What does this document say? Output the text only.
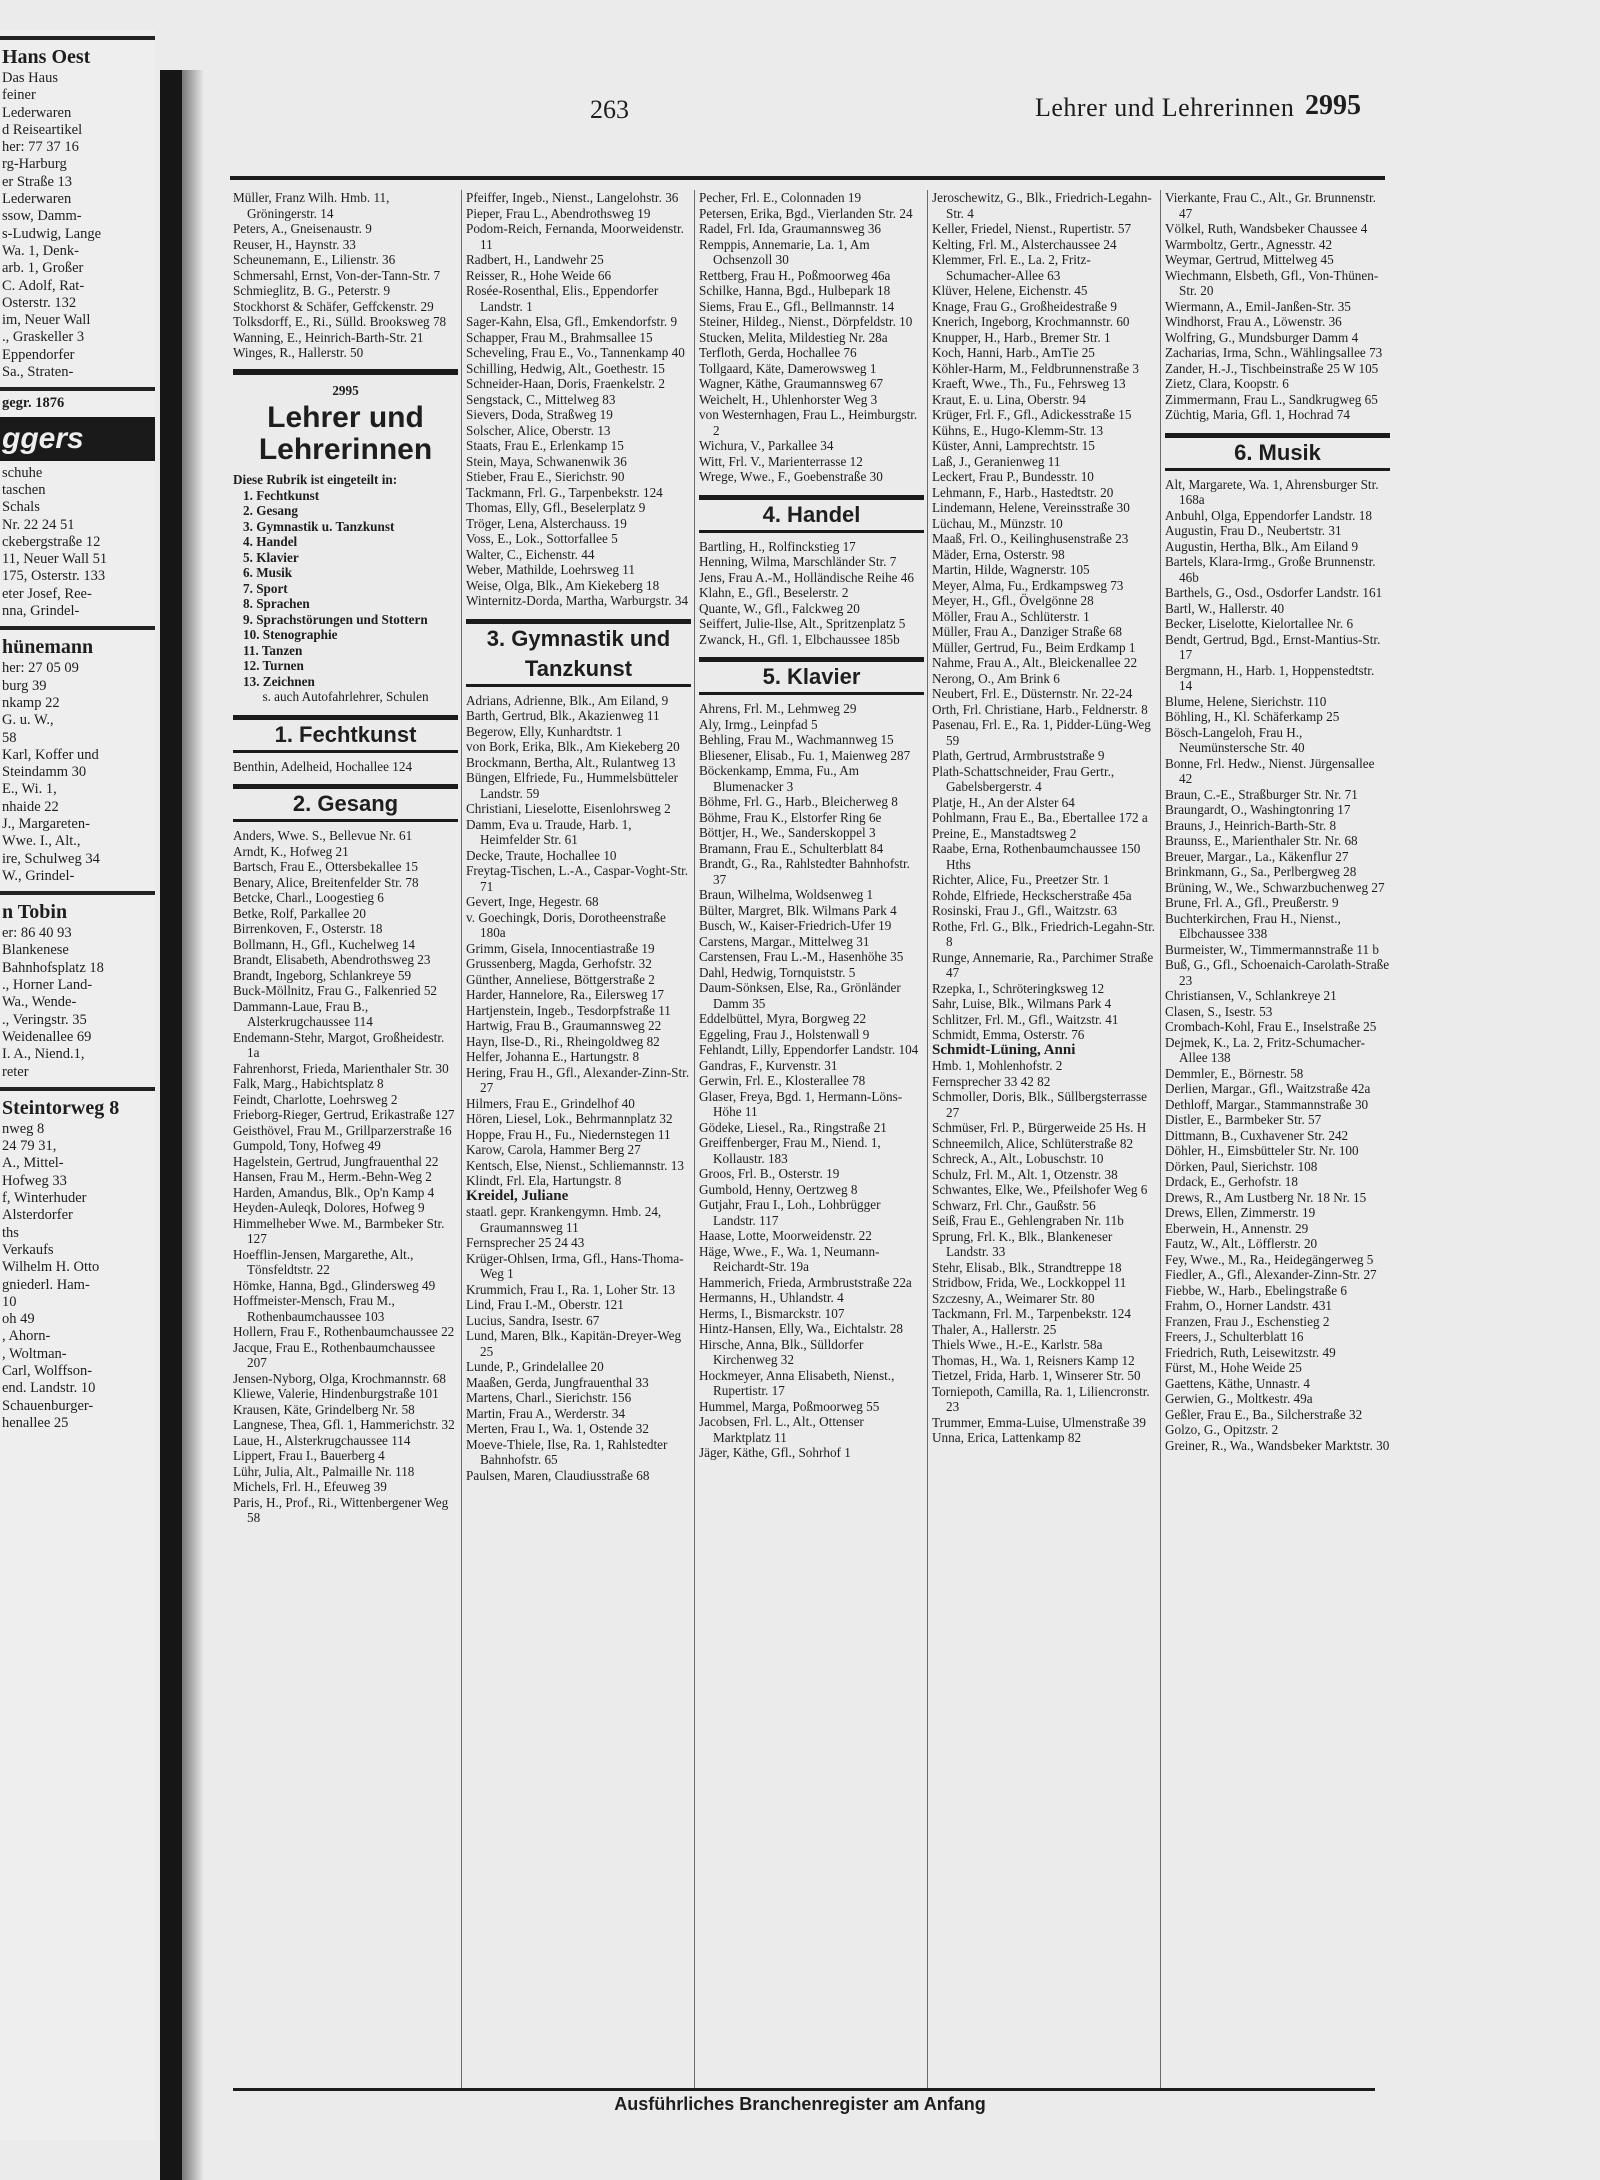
Hans Oest
Das Haus
feiner
Lederwaren
d Reiseartikel
her: 77 37 16
rg-Harburg
er Straße 13
Lederwaren
ssow, Damm-
s-Ludwig, Lange
Wa. 1, Denk-
arb. 1, Großer
C. Adolf, Rat-
Osterstr. 132
im, Neuer Wall
., Graskeller 3
Eppendorfer
Sa., Straten-
gegr. 1876
ggers
schuhe
taschen
Schals
Nr. 22 24 51
ckebergstraße 12
11, Neuer Wall 51
175, Osterstr. 133
eter Josef, Ree-
nna, Grindel-
hünemann
her: 27 05 09
burg 39
nkamp 22
G. u. W.,
58
Karl, Koffer und
Steindamm 30
E., Wi. 1,
nhaide 22
J., Margareten-
Wwe. I., Alt.,
ire, Schulweg 34
W., Grindel-
n Tobin
er: 86 40 93
Blankenese
Bahnhofsplatz 18
., Horner Land-
Wa., Wende-
., Veringstr. 35
Weidenallee 69
I. A., Niend.1,
reter
Steintorweg 8
nweg 8
24 79 31,
A., Mittel-
Hofweg 33
f, Winterhuder
Alsterdorfer
ths
Verkaufs
Wilhelm H. Otto
gniederl. Ham-
10
oh 49
, Ahorn-
, Woltman-
Carl, Wolffson-
end. Landstr. 10
Schauenburger-
henallee 25
263	Lehrer und Lehrerinnen 2995

Müller, Franz Wilh. Hmb. 11, Gröningerstr. 14

Peters, A., Gneisenaustr. 9

Reuser, H., Haynstr. 33

Scheunemann, E., Lilienstr. 36

Schmersahl, Ernst, Von-der-Tann-Str. 7

Schmieglitz, B. G., Peterstr. 9

Stockhorst & Schäfer, Geffckenstr. 29

Tolksdorff, E., Ri., Sülld. Brooksweg 78

Wanning, E., Heinrich-Barth-Str. 21

Winges, R., Hallerstr. 50

2995
Lehrer und Lehrerinnen
Diese Rubrik ist eingeteilt in:
1. Fechtkunst
2. Gesang
3. Gymnastik u. Tanzkunst
4. Handel
5. Klavier
6. Musik
7. Sport
8. Sprachen
9. Sprachstörungen und Stottern
10. Stenographie
11. Tanzen
12. Turnen
13. Zeichnen
s. auch Autofahrlehrer, Schulen
1. Fechtkunst

Benthin, Adelheid, Hochallee 124

2. Gesang

Anders, Wwe. S., Bellevue Nr. 61

Arndt, K., Hofweg 21

Bartsch, Frau E., Ottersbekallee 15

Benary, Alice, Breitenfelder Str. 78

Betcke, Charl., Loogestieg 6

Betke, Rolf, Parkallee 20

Birrenkoven, F., Osterstr. 18

Bollmann, H., Gfl., Kuchelweg 14

Brandt, Elisabeth, Abendrothsweg 23

Brandt, Ingeborg, Schlankreye 59

Buck-Möllnitz, Frau G., Falkenried 52

Dammann-Laue, Frau B., Alsterkrugchaussee 114

Endemann-Stehr, Margot, Großheidestr. 1a

Fahrenhorst, Frieda, Marienthaler Str. 30

Falk, Marg., Habichtsplatz 8

Feindt, Charlotte, Loehrsweg 2

Frieborg-Rieger, Gertrud, Erikastraße 127

Geisthövel, Frau M., Grillparzerstraße 16

Gumpold, Tony, Hofweg 49

Hagelstein, Gertrud, Jungfrauenthal 22

Hansen, Frau M., Herm.-Behn-Weg 2

Harden, Amandus, Blk., Op'n Kamp 4

Heyden-Auleqk, Dolores, Hofweg 9

Himmelheber Wwe. M., Barmbeker Str. 127

Hoefflin-Jensen, Margarethe, Alt., Tönsfeldtstr. 22

Hömke, Hanna, Bgd., Glindersweg 49

Hoffmeister-Mensch, Frau M., Rothenbaumchaussee 103

Hollern, Frau F., Rothenbaumchaussee 22

Jacque, Frau E., Rothenbaumchaussee 207

Jensen-Nyborg, Olga, Krochmannstr. 68

Kliewe, Valerie, Hindenburgstraße 101

Krausen, Käte, Grindelberg Nr. 58

Langnese, Thea, Gfl. 1, Hammerichstr. 32

Laue, H., Alsterkrugchaussee 114

Lippert, Frau I., Bauerberg 4

Lühr, Julia, Alt., Palmaille Nr. 118

Michels, Frl. H., Efeuweg 39

Paris, H., Prof., Ri., Wittenbergener Weg 58

Pfeiffer, Ingeb., Nienst., Langelohstr. 36

Pieper, Frau L., Abendrothsweg 19

Podom-Reich, Fernanda, Moorweidenstr. 11

Radbert, H., Landwehr 25

Reisser, R., Hohe Weide 66

Rosée-Rosenthal, Elis., Eppendorfer Landstr. 1

Sager-Kahn, Elsa, Gfl., Emkendorfstr. 9

Schapper, Frau M., Brahmsallee 15

Scheveling, Frau E., Vo., Tannenkamp 40

Schilling, Hedwig, Alt., Goethestr. 15

Schneider-Haan, Doris, Fraenkelstr. 2

Sengstack, C., Mittelweg 83

Sievers, Doda, Straßweg 19

Solscher, Alice, Oberstr. 13

Staats, Frau E., Erlenkamp 15

Stein, Maya, Schwanenwik 36

Stieber, Frau E., Sierichstr. 90

Tackmann, Frl. G., Tarpenbekstr. 124

Thomas, Elly, Gfl., Beselerplatz 9

Tröger, Lena, Alsterchauss. 19

Voss, E., Lok., Sottorfallee 5

Walter, C., Eichenstr. 44

Weber, Mathilde, Loehrsweg 11

Weise, Olga, Blk., Am Kiekeberg 18

Winternitz-Dorda, Martha, Warburgstr. 34

3. Gymnastik und Tanzkunst

Adrians, Adrienne, Blk., Am Eiland, 9

Barth, Gertrud, Blk., Akazienweg 11

Begerow, Elly, Kunhardtstr. 1

von Bork, Erika, Blk., Am Kiekeberg 20

Brockmann, Bertha, Alt., Rulantweg 13

Büngen, Elfriede, Fu., Hummelsbütteler Landstr. 59

Christiani, Lieselotte, Eisenlohrsweg 2

Damm, Eva u. Traude, Harb. 1, Heimfelder Str. 61

Decke, Traute, Hochallee 10

Freytag-Tischen, L.-A., Caspar-Voght-Str. 71

Gevert, Inge, Hegestr. 68

v. Goechingk, Doris, Dorotheenstraße 180a

Grimm, Gisela, Innocentiastraße 19

Grussenberg, Magda, Gerhofstr. 32

Günther, Anneliese, Böttgerstraße 2

Harder, Hannelore, Ra., Eilersweg 17

Hartjenstein, Ingeb., Tesdorpfstraße 11

Hartwig, Frau B., Graumannsweg 22

Hayn, Ilse-D., Ri., Rheingoldweg 82

Helfer, Johanna E., Hartungstr. 8

Hering, Frau H., Gfl., Alexander-Zinn-Str. 27

Hilmers, Frau E., Grindelhof 40

Hören, Liesel, Lok., Behrmannplatz 32

Hoppe, Frau H., Fu., Niedernstegen 11

Karow, Carola, Hammer Berg 27

Kentsch, Else, Nienst., Schliemannstr. 13

Klindt, Frl. Ela, Hartungstr. 8

Kreidel, Juliane

staatl. gepr. Krankengymn. Hmb. 24, Graumannsweg 11

Fernsprecher 25 24 43

Krüger-Ohlsen, Irma, Gfl., Hans-Thoma-Weg 1

Krummich, Frau I., Ra. 1, Loher Str. 13

Lind, Frau I.-M., Oberstr. 121

Lucius, Sandra, Isestr. 67

Lund, Maren, Blk., Kapitän-Dreyer-Weg 25

Lunde, P., Grindelallee 20

Maaßen, Gerda, Jungfrauenthal 33

Martens, Charl., Sierichstr. 156

Martin, Frau A., Werderstr. 34

Merten, Frau I., Wa. 1, Ostende 32

Moeve-Thiele, Ilse, Ra. 1, Rahlstedter Bahnhofstr. 65

Paulsen, Maren, Claudiusstraße 68

Pecher, Frl. E., Colonnaden 19

Petersen, Erika, Bgd., Vierlanden Str. 24

Radel, Frl. Ida, Graumannsweg 36

Remppis, Annemarie, La. 1, Am Ochsenzoll 30

Rettberg, Frau H., Poßmoorweg 46a

Schilke, Hanna, Bgd., Hulbepark 18

Siems, Frau E., Gfl., Bellmannstr. 14

Steiner, Hildeg., Nienst., Dörpfeldstr. 10

Stucken, Melita, Mildestieg Nr. 28a

Terfloth, Gerda, Hochallee 76

Tollgaard, Käte, Damerowsweg 1

Wagner, Käthe, Graumannsweg 67

Weichelt, H., Uhlenhorster Weg 3

von Westernhagen, Frau L., Heimburgstr. 2

Wichura, V., Parkallee 34

Witt, Frl. V., Marienterrasse 12

Wrege, Wwe., F., Goebenstraße 30

4. Handel

Bartling, H., Rolfinckstieg 17

Henning, Wilma, Marschländer Str. 7

Jens, Frau A.-M., Holländische Reihe 46

Klahn, E., Gfl., Beselerstr. 2

Quante, W., Gfl., Falckweg 20

Seiffert, Julie-Ilse, Alt., Spritzenplatz 5

Zwanck, H., Gfl. 1, Elbchaussee 185b

5. Klavier

Ahrens, Frl. M., Lehmweg 29

Aly, Irmg., Leinpfad 5

Behling, Frau M., Wachmannweg 15

Bliesener, Elisab., Fu. 1, Maienweg 287

Böckenkamp, Emma, Fu., Am Blumenacker 3

Böhme, Frl. G., Harb., Bleicherweg 8

Böhme, Frau K., Elstorfer Ring 6e

Böttjer, H., We., Sanderskoppel 3

Bramann, Frau E., Schulterblatt 84

Brandt, G., Ra., Rahlstedter Bahnhofstr. 37

Braun, Wilhelma, Woldsenweg 1

Bülter, Margret, Blk. Wilmans Park 4

Busch, W., Kaiser-Friedrich-Ufer 19

Carstens, Margar., Mittelweg 31

Carstensen, Frau L.-M., Hasenhöhe 35

Dahl, Hedwig, Tornquiststr. 5

Daum-Sönksen, Else, Ra., Grönländer Damm 35

Eddelbüttel, Myra, Borgweg 22

Eggeling, Frau J., Holstenwall 9

Fehlandt, Lilly, Eppendorfer Landstr. 104

Gandras, F., Kurvenstr. 31

Gerwin, Frl. E., Klosterallee 78

Glaser, Freya, Bgd. 1, Hermann-Löns-Höhe 11

Gödeke, Liesel., Ra., Ringstraße 21

Greiffenberger, Frau M., Niend. 1, Kollaustr. 183

Groos, Frl. B., Osterstr. 19

Gumbold, Henny, Oertzweg 8

Gutjahr, Frau I., Loh., Lohbrügger Landstr. 117

Haase, Lotte, Moorweidenstr. 22

Häge, Wwe., F., Wa. 1, Neumann-Reichardt-Str. 19a

Hammerich, Frieda, Armbruststraße 22a

Hermanns, H., Uhlandstr. 4

Herms, I., Bismarckstr. 107

Hintz-Hansen, Elly, Wa., Eichtalstr. 28

Hirsche, Anna, Blk., Sülldorfer Kirchenweg 32

Hockmeyer, Anna Elisabeth, Nienst., Rupertistr. 17

Hummel, Marga, Poßmoorweg 55

Jacobsen, Frl. L., Alt., Ottenser Marktplatz 11

Jäger, Käthe, Gfl., Sohrhof 1

Jeroschewitz, G., Blk., Friedrich-Legahn-Str. 4

Keller, Friedel, Nienst., Rupertistr. 57

Kelting, Frl. M., Alsterchaussee 24

Klemmer, Frl. E., La. 2, Fritz-Schumacher-Allee 63

Klüver, Helene, Eichenstr. 45

Knage, Frau G., Großheidestraße 9

Knerich, Ingeborg, Krochmannstr. 60

Knupper, H., Harb., Bremer Str. 1

Koch, Hanni, Harb., AmTie 25

Köhler-Harm, M., Feldbrunnenstraße 3

Kraeft, Wwe., Th., Fu., Fehrsweg 13

Kraut, E. u. Lina, Oberstr. 94

Krüger, Frl. F., Gfl., Adickesstraße 15

Kühns, E., Hugo-Klemm-Str. 13

Küster, Anni, Lamprechtstr. 15

Laß, J., Geranienweg 11

Leckert, Frau P., Bundesstr. 10

Lehmann, F., Harb., Hastedtstr. 20

Lindemann, Helene, Vereinsstraße 30

Lüchau, M., Münzstr. 10

Maaß, Frl. O., Keilinghusenstraße 23

Mäder, Erna, Osterstr. 98

Martin, Hilde, Wagnerstr. 105

Meyer, Alma, Fu., Erdkampsweg 73

Meyer, H., Gfl., Övelgönne 28

Möller, Frau A., Schlüterstr. 1

Müller, Frau A., Danziger Straße 68

Müller, Gertrud, Fu., Beim Erdkamp 1

Nahme, Frau A., Alt., Bleickenallee 22

Nerong, O., Am Brink 6

Neubert, Frl. E., Düsternstr. Nr. 22-24

Orth, Frl. Christiane, Harb., Feldnerstr. 8

Pasenau, Frl. E., Ra. 1, Pidder-Lüng-Weg 59

Plath, Gertrud, Armbruststraße 9

Plath-Schattschneider, Frau Gertr., Gabelsbergerstr. 4

Platje, H., An der Alster 64

Pohlmann, Frau E., Ba., Ebertallee 172 a

Preine, E., Manstadtsweg 2

Raabe, Erna, Rothenbaumchaussee 150 Hths

Richter, Alice, Fu., Preetzer Str. 1

Rohde, Elfriede, Heckscherstraße 45a

Rosinski, Frau J., Gfl., Waitzstr. 63

Rothe, Frl. G., Blk., Friedrich-Legahn-Str. 8

Runge, Annemarie, Ra., Parchimer Straße 47

Rzepka, I., Schröteringksweg 12

Sahr, Luise, Blk., Wilmans Park 4

Schlitzer, Frl. M., Gfl., Waitzstr. 41

Schmidt, Emma, Osterstr. 76

Schmidt-Lüning, Anni

Hmb. 1, Mohlenhofstr. 2

Fernsprecher 33 42 82

Schmoller, Doris, Blk., Süllbergsterrasse 27

Schmüser, Frl. P., Bürgerweide 25 Hs. H

Schneemilch, Alice, Schlüterstraße 82

Schreck, A., Alt., Lobuschstr. 10

Schulz, Frl. M., Alt. 1, Otzenstr. 38

Schwantes, Elke, We., Pfeilshofer Weg 6

Schwarz, Frl. Chr., Gaußstr. 56

Seiß, Frau E., Gehlengraben Nr. 11b

Sprung, Frl. K., Blk., Blankeneser Landstr. 33

Stehr, Elisab., Blk., Strandtreppe 18

Stridbow, Frida, We., Lockkoppel 11

Szczesny, A., Weimarer Str. 80

Tackmann, Frl. M., Tarpenbekstr. 124

Thaler, A., Hallerstr. 25

Thiels Wwe., H.-E., Karlstr. 58a

Thomas, H., Wa. 1, Reisners Kamp 12

Tietzel, Frida, Harb. 1, Winserer Str. 50

Torniepoth, Camilla, Ra. 1, Liliencronstr. 23

Trummer, Emma-Luise, Ulmenstraße 39

Unna, Erica, Lattenkamp 82

Vierkante, Frau C., Alt., Gr. Brunnenstr. 47

Völkel, Ruth, Wandsbeker Chaussee 4

Warmboltz, Gertr., Agnesstr. 42

Weymar, Gertrud, Mittelweg 45

Wiechmann, Elsbeth, Gfl., Von-Thünen-Str. 20

Wiermann, A., Emil-Janßen-Str. 35

Windhorst, Frau A., Löwenstr. 36

Wolfring, G., Mundsburger Damm 4

Zacharias, Irma, Schn., Wählingsallee 73

Zander, H.-J., Tischbeinstraße 25 W 105

Zietz, Clara, Koopstr. 6

Zimmermann, Frau L., Sandkrugweg 65

Züchtig, Maria, Gfl. 1, Hochrad 74

6. Musik

Alt, Margarete, Wa. 1, Ahrensburger Str. 168a

Anbuhl, Olga, Eppendorfer Landstr. 18

Augustin, Frau D., Neubertstr. 31

Augustin, Hertha, Blk., Am Eiland 9

Bartels, Klara-Irmg., Große Brunnenstr. 46b

Barthels, G., Osd., Osdorfer Landstr. 161

Bartl, W., Hallerstr. 40

Becker, Liselotte, Kielortallee Nr. 6

Bendt, Gertrud, Bgd., Ernst-Mantius-Str. 17

Bergmann, H., Harb. 1, Hoppenstedtstr. 14

Blume, Helene, Sierichstr. 110

Böhling, H., Kl. Schäferkamp 25

Bösch-Langeloh, Frau H., Neumünstersche Str. 40

Bonne, Frl. Hedw., Nienst. Jürgensallee 42

Braun, C.-E., Straßburger Str. Nr. 71

Braungardt, O., Washingtonring 17

Brauns, J., Heinrich-Barth-Str. 8

Braunss, E., Marienthaler Str. Nr. 68

Breuer, Margar., La., Käkenflur 27

Brinkmann, G., Sa., Perlbergweg 28

Brüning, W., We., Schwarzbuchenweg 27

Brune, Frl. A., Gfl., Preußerstr. 9

Buchterkirchen, Frau H., Nienst., Elbchaussee 338

Burmeister, W., Timmermannstraße 11 b

Buß, G., Gfl., Schoenaich-Carolath-Straße 23

Christiansen, V., Schlankreye 21

Clasen, S., Isestr. 53

Crombach-Kohl, Frau E., Inselstraße 25

Dejmek, K., La. 2, Fritz-Schumacher-Allee 138

Demmler, E., Börnestr. 58

Derlien, Margar., Gfl., Waitzstraße 42a

Dethloff, Margar., Stammannstraße 30

Distler, E., Barmbeker Str. 57

Dittmann, B., Cuxhavener Str. 242

Döhler, H., Eimsbütteler Str. Nr. 100

Dörken, Paul, Sierichstr. 108

Drdack, E., Gerhofstr. 18

Drews, R., Am Lustberg Nr. 18 Nr. 15

Drews, Ellen, Zimmerstr. 19

Eberwein, H., Annenstr. 29

Fautz, W., Alt., Löfflerstr. 20

Fey, Wwe., M., Ra., Heidegängerweg 5

Fiedler, A., Gfl., Alexander-Zinn-Str. 27

Fiebbe, W., Harb., Ebelingstraße 6

Frahm, O., Horner Landstr. 431

Franzen, Frau J., Eschenstieg 2

Freers, J., Schulterblatt 16

Friedrich, Ruth, Leisewitzstr. 49

Fürst, M., Hohe Weide 25

Gaettens, Käthe, Unnastr. 4

Gerwien, G., Moltkestr. 49a

Geßler, Frau E., Ba., Silcherstraße 32

Golzo, G., Opitzstr. 2

Greiner, R., Wa., Wandsbeker Marktstr. 30

Ausführliches Branchenregister am Anfang
